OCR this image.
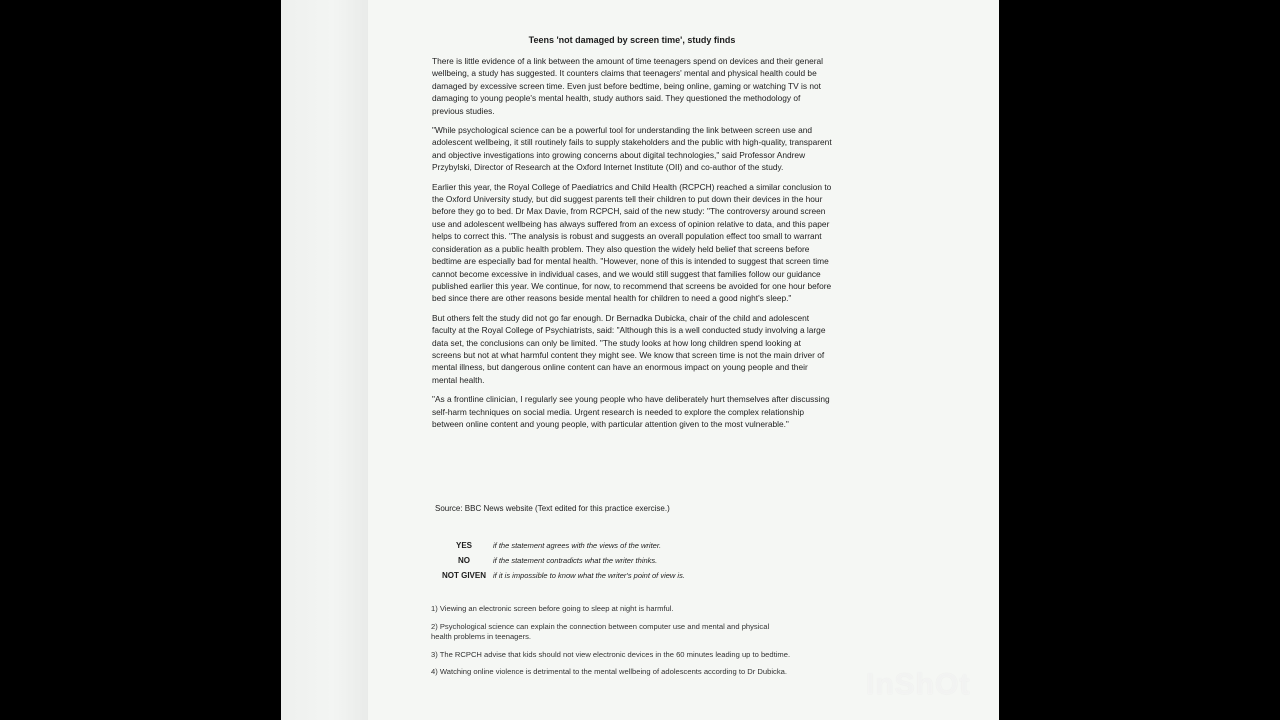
Teens 'not damaged by screen time', study finds

There is little evidence of a link between the amount of time teenagers spend on devices and their general wellbeing, a study has suggested. It counters claims that teenagers' mental and physical health could be damaged by excessive screen time. Even just before bedtime, being online, gaming or watching TV is not damaging to young people's mental health, study authors said. They questioned the methodology of previous studies.

"While psychological science can be a powerful tool for understanding the link between screen use and adolescent wellbeing, it still routinely fails to supply stakeholders and the public with high-quality, transparent and objective investigations into growing concerns about digital technologies," said Professor Andrew Przybylski, Director of Research at the Oxford Internet Institute (OII) and co-author of the study.

Earlier this year, the Royal College of Paediatrics and Child Health (RCPCH) reached a similar conclusion to the Oxford University study, but did suggest parents tell their children to put down their devices in the hour before they go to bed. Dr Max Davie, from RCPCH, said of the new study: "The controversy around screen use and adolescent wellbeing has always suffered from an excess of opinion relative to data, and this paper helps to correct this. "The analysis is robust and suggests an overall population effect too small to warrant consideration as a public health problem. They also question the widely held belief that screens before bedtime are especially bad for mental health. "However, none of this is intended to suggest that screen time cannot become excessive in individual cases, and we would still suggest that families follow our guidance published earlier this year. We continue, for now, to recommend that screens be avoided for one hour before bed since there are other reasons beside mental health for children to need a good night's sleep."

But others felt the study did not go far enough. Dr Bernadka Dubicka, chair of the child and adolescent faculty at the Royal College of Psychiatrists, said: "Although this is a well conducted study involving a large data set, the conclusions can only be limited. "The study looks at how long children spend looking at screens but not at what harmful content they might see. We know that screen time is not the main driver of mental illness, but dangerous online content can have an enormous impact on young people and their mental health.

"As a frontline clinician, I regularly see young people who have deliberately hurt themselves after discussing self-harm techniques on social media. Urgent research is needed to explore the complex relationship between online content and young people, with particular attention given to the most vulnerable."

Source: BBC News website (Text edited for this practice exercise.)
YES	if the statement agrees with the views of the writer.
NO	if the statement contradicts what the writer thinks.
NOT GIVEN if it is impossible to know what the writer's point of view is.

1) Viewing an electronic screen before going to sleep at night is harmful.

2) Psychological science can explain the connection between computer use and mental and physical health problems in teenagers.

3) The RCPCH advise that kids should not view electronic devices in the 60 minutes leading up to bedtime.

4) Watching online violence is detrimental to the mental wellbeing of adolescents according to Dr Dubicka.	InShOt
